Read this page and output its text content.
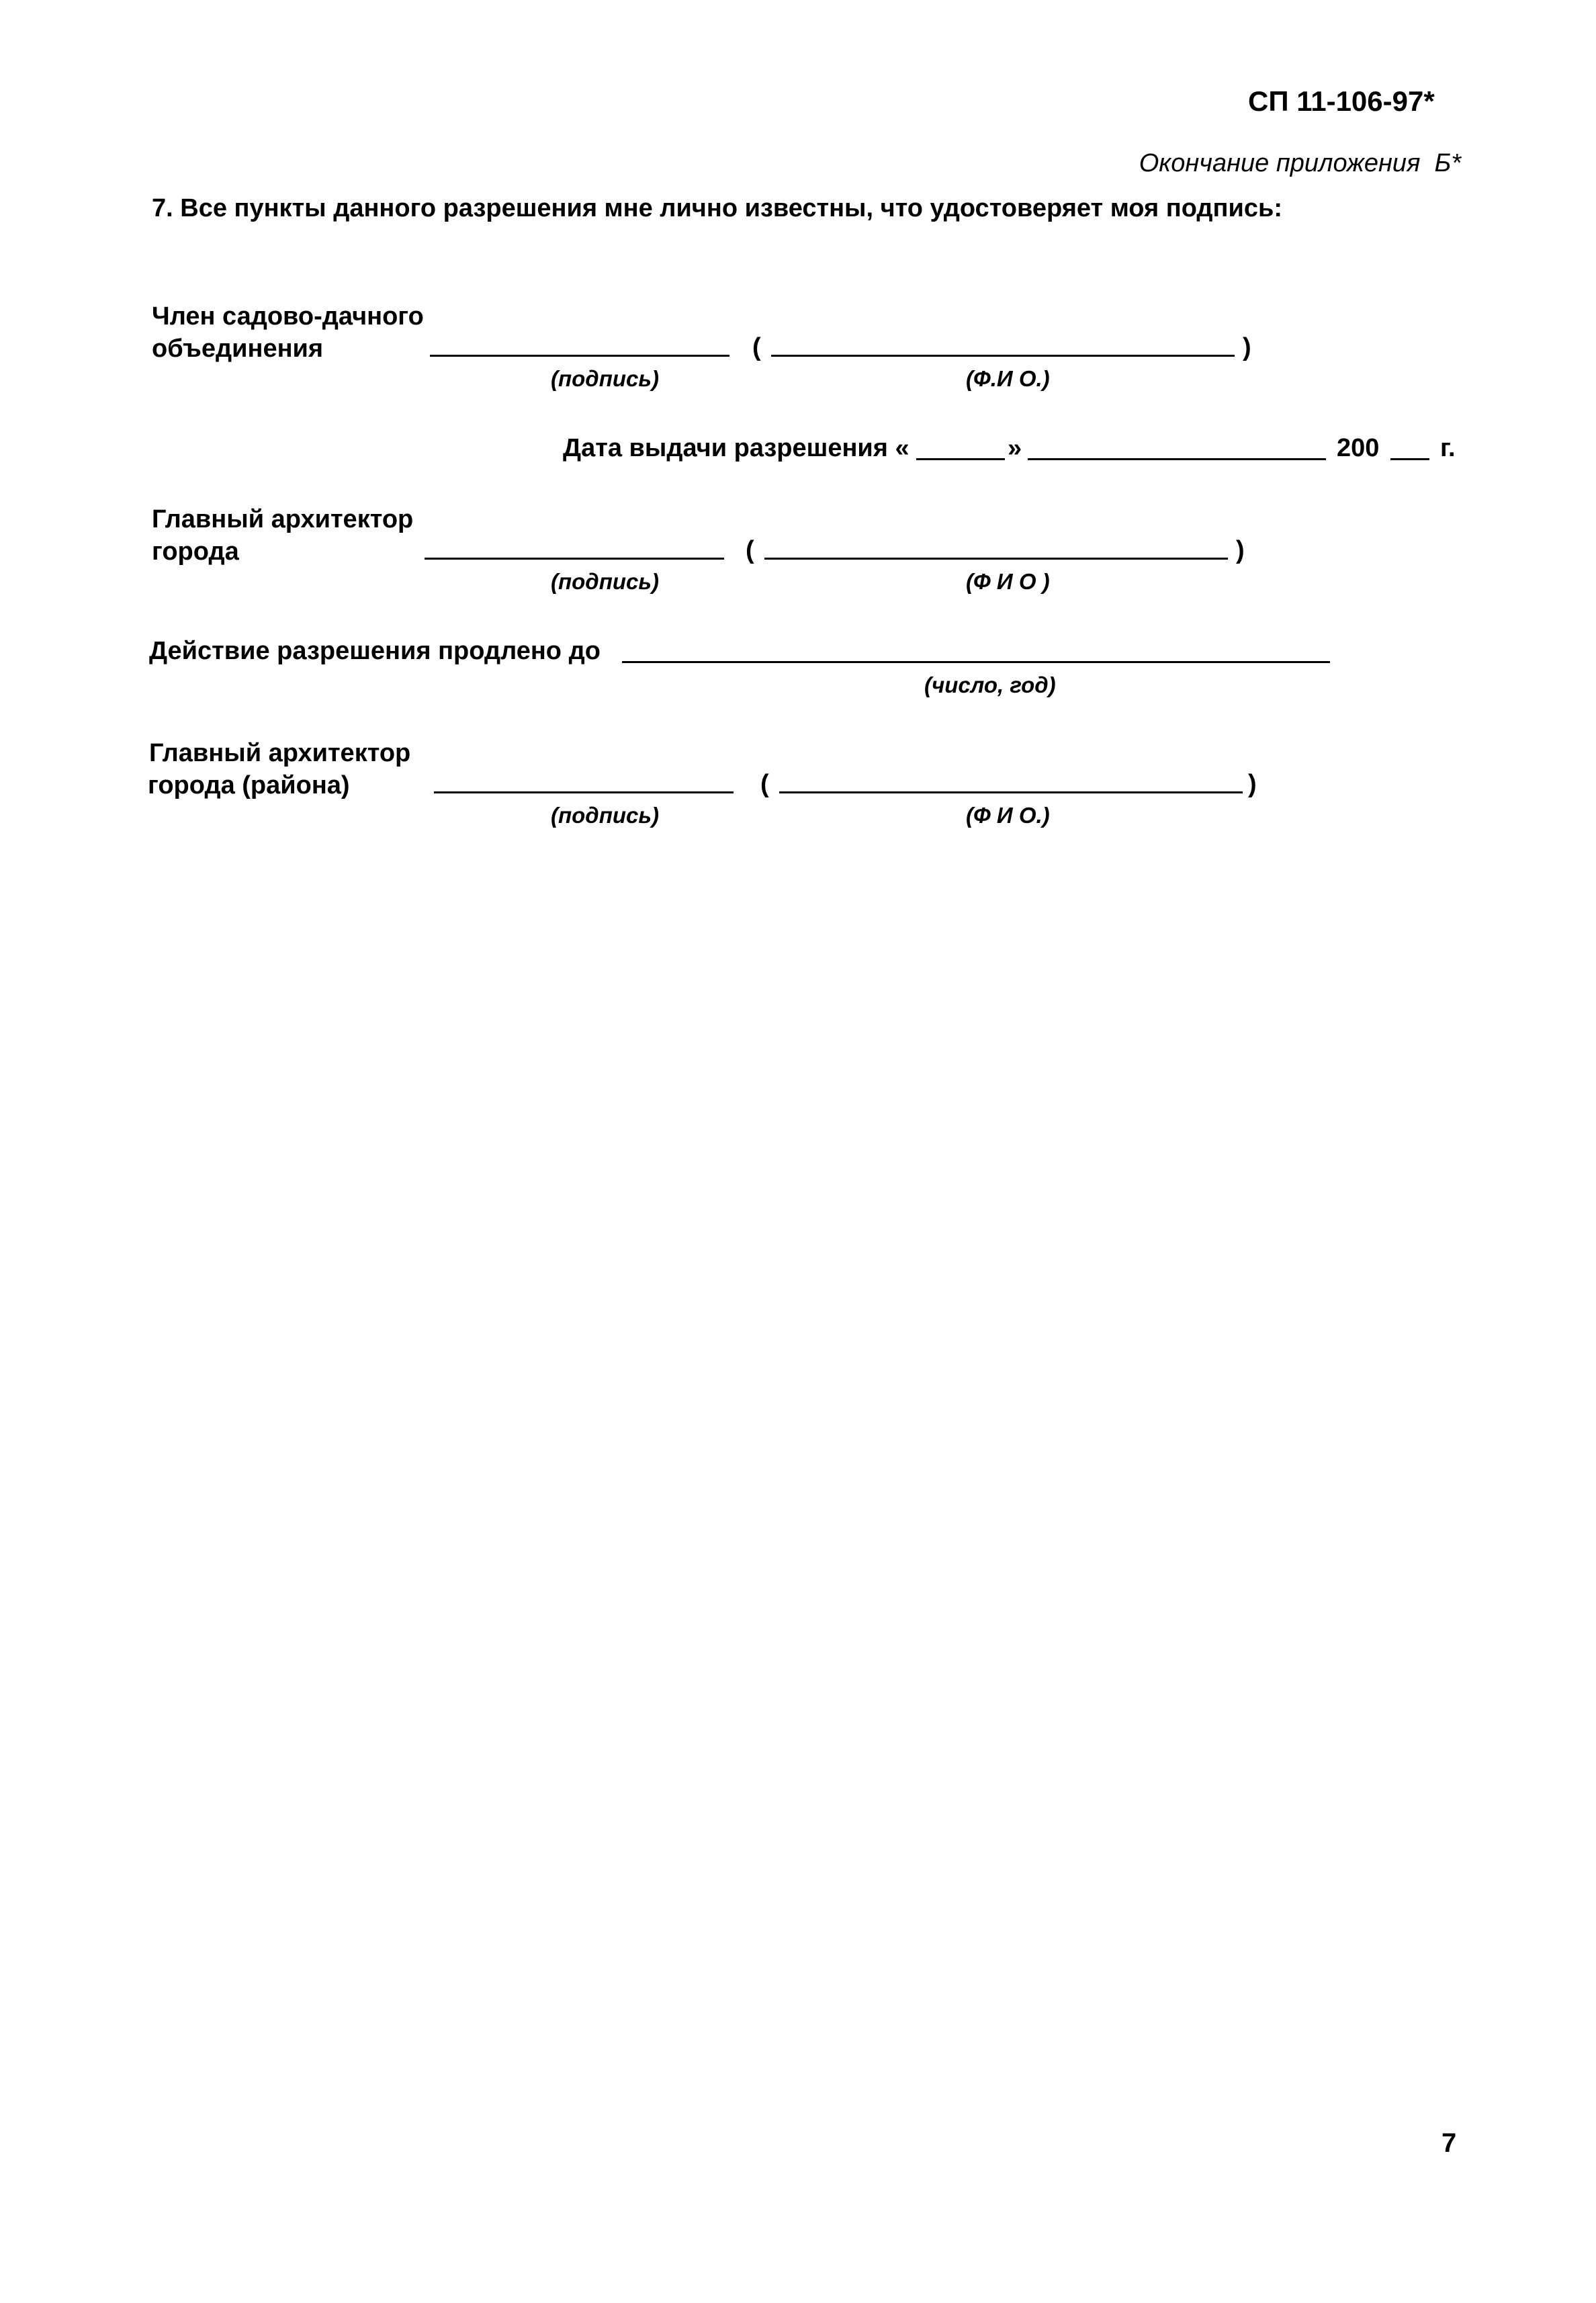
СП 11-106-97*
Окончание приложения  Б*
7. Все пункты данного разрешения мне лично известны, что удостоверяет моя подпись:
Член садово-дачного
объединения	(	)
(подпись)	(Ф.И О.)
Дата выдачи разрешения «	»	200 г.
Главный архитектор
города	(	)
(подпись)	(Ф И О )
Действие разрешения продлено до
(число, год)
Главный архитектор
города (района)	(	)
(подпись)	(Ф И О.)
7
